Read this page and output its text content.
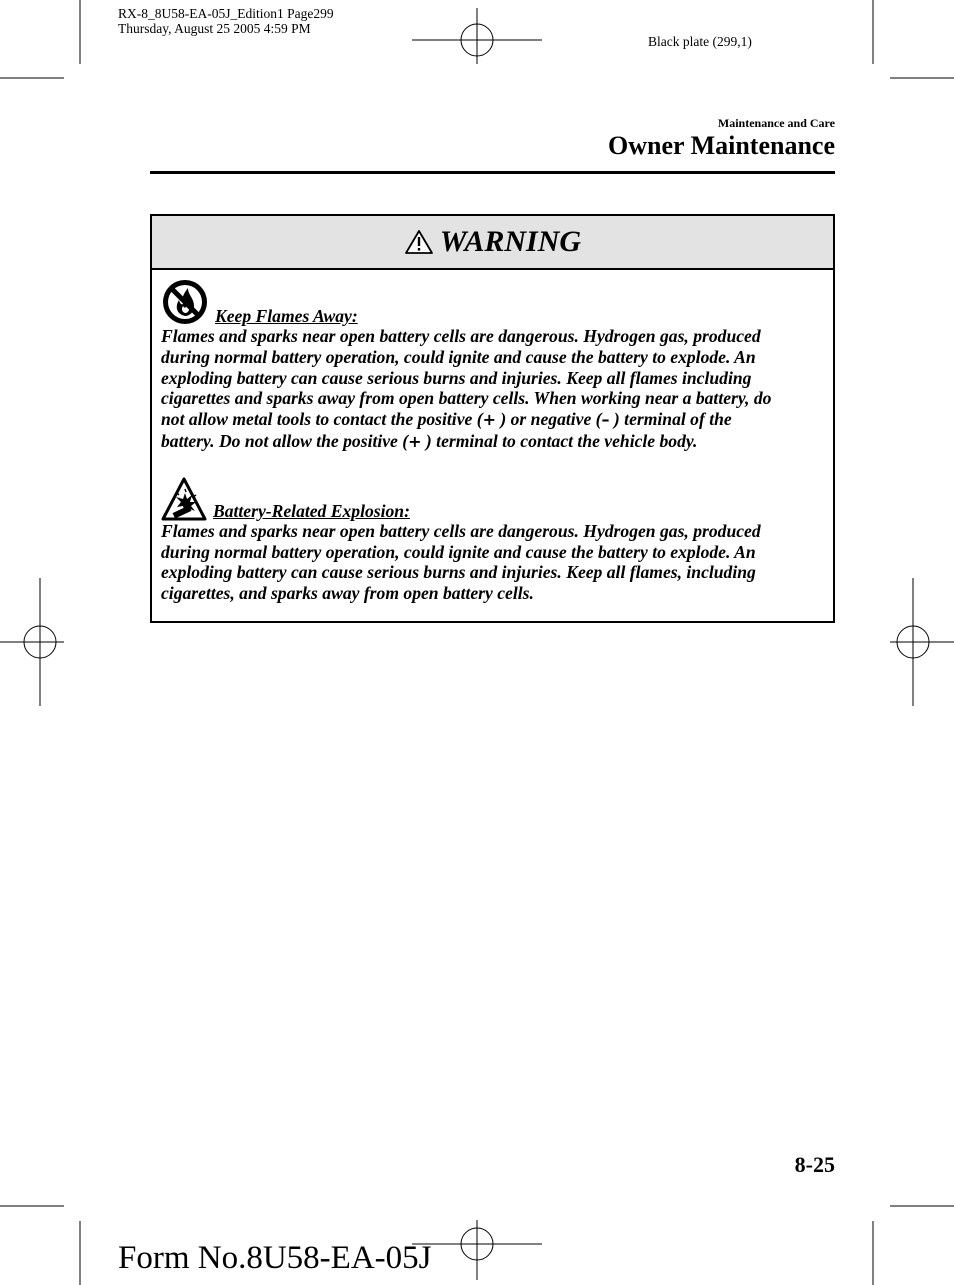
RX-8_8U58-EA-05J_Edition1 Page299
Thursday, August 25 2005 4:59 PM
Black plate (299,1)
Maintenance and Care
Owner Maintenance
WARNING
Keep Flames Away:

Flames and sparks near open battery cells are dangerous. Hydrogen gas, produced

during normal battery operation, could ignite and cause the battery to explode. An

exploding battery can cause serious burns and injuries. Keep all flames including

cigarettes and sparks away from open battery cells. When working near a battery, do

not allow metal tools to contact the positive (+ ) or negative (– ) terminal of the

battery. Do not allow the positive (+ ) terminal to contact the vehicle body.

Battery-Related Explosion:

Flames and sparks near open battery cells are dangerous. Hydrogen gas, produced

during normal battery operation, could ignite and cause the battery to explode. An

exploding battery can cause serious burns and injuries. Keep all flames, including

cigarettes, and sparks away from open battery cells.

8-25
Form No.8U58-EA-05J
